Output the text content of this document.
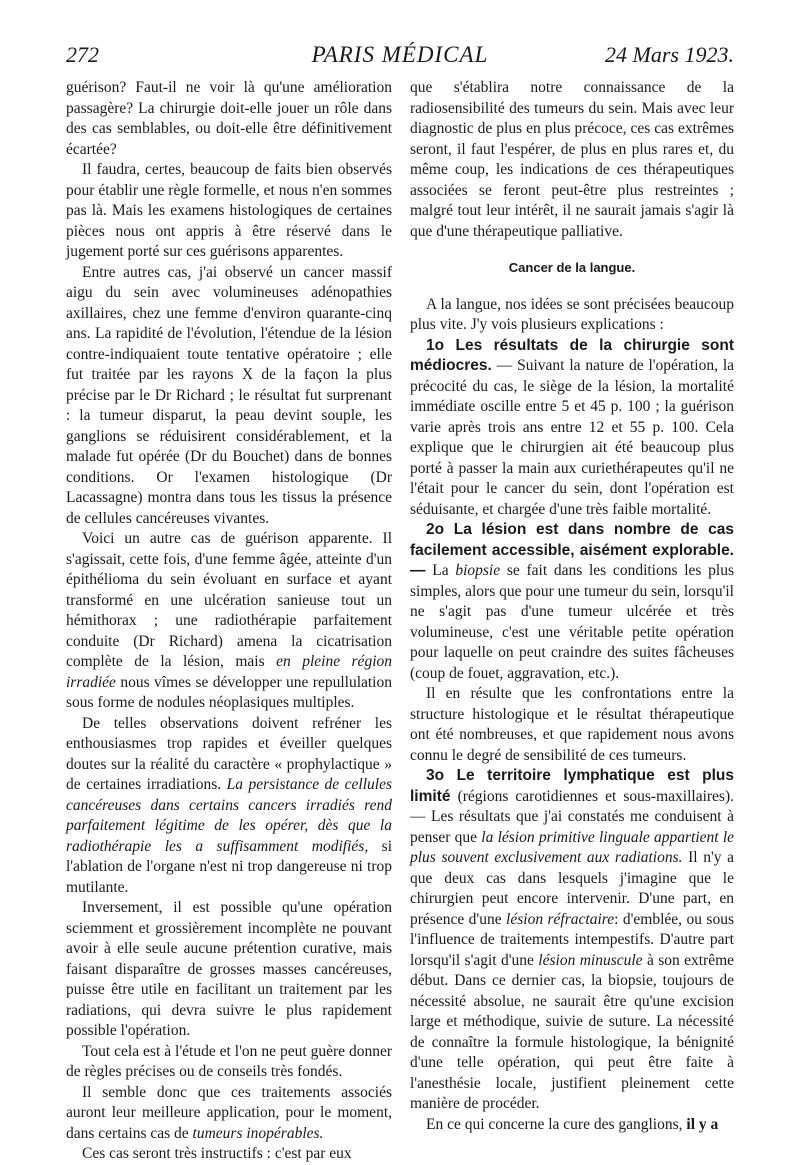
272	PARIS MÉDICAL	24 Mars 1923.

guérison? Faut-il ne voir là qu'une amélioration passagère? La chirurgie doit-elle jouer un rôle dans des cas semblables, ou doit-elle être définitivement écartée?

Il faudra, certes, beaucoup de faits bien observés pour établir une règle formelle, et nous n'en sommes pas là. Mais les examens histologiques de certaines pièces nous ont appris à être réservé dans le jugement porté sur ces guérisons apparentes.

Entre autres cas, j'ai observé un cancer massif aigu du sein avec volumineuses adénopathies axillaires, chez une femme d'environ quarante-cinq ans. La rapidité de l'évolution, l'étendue de la lésion contre-indiquaient toute tentative opératoire ; elle fut traitée par les rayons X de la façon la plus précise par le Dr Richard ; le résultat fut surprenant : la tumeur disparut, la peau devint souple, les ganglions se réduisirent considérablement, et la malade fut opérée (Dr du Bouchet) dans de bonnes conditions. Or l'examen histologique (Dr Lacassagne) montra dans tous les tissus la présence de cellules cancéreuses vivantes.

Voici un autre cas de guérison apparente. Il s'agissait, cette fois, d'une femme âgée, atteinte d'un épithélioma du sein évoluant en surface et ayant transformé en une ulcération sanieuse tout un hémithorax ; une radiothérapie parfaitement conduite (Dr Richard) amena la cicatrisation complète de la lésion, mais en pleine région irradiée nous vîmes se développer une repullulation sous forme de nodules néoplasiques multiples.

De telles observations doivent refréner les enthousiasmes trop rapides et éveiller quelques doutes sur la réalité du caractère « prophylactique » de certaines irradiations. La persistance de cellules cancéreuses dans certains cancers irradiés rend parfaitement légitime de les opérer, dès que la radiothérapie les a suffisamment modifiés, si l'ablation de l'organe n'est ni trop dangereuse ni trop mutilante.

Inversement, il est possible qu'une opération sciemment et grossièrement incomplète ne pouvant avoir à elle seule aucune prétention curative, mais faisant disparaître de grosses masses cancéreuses, puisse être utile en facilitant un traitement par les radiations, qui devra suivre le plus rapidement possible l'opération.

Tout cela est à l'étude et l'on ne peut guère donner de règles précises ou de conseils très fondés.

Il semble donc que ces traitements associés auront leur meilleure application, pour le moment, dans certains cas de tumeurs inopérables.

Ces cas seront très instructifs : c'est par eux

que s'établira notre connaissance de la radiosensibilité des tumeurs du sein. Mais avec leur diagnostic de plus en plus précoce, ces cas extrêmes seront, il faut l'espérer, de plus en plus rares et, du même coup, les indications de ces thérapeutiques associées se feront peut-être plus restreintes ; malgré tout leur intérêt, il ne saurait jamais s'agir là que d'une thérapeutique palliative.

Cancer de la langue.

A la langue, nos idées se sont précisées beaucoup plus vite. J'y vois plusieurs explications :

1o Les résultats de la chirurgie sont médiocres. — Suivant la nature de l'opération, la précocité du cas, le siège de la lésion, la mortalité immédiate oscille entre 5 et 45 p. 100 ; la guérison varie après trois ans entre 12 et 55 p. 100. Cela explique que le chirurgien ait été beaucoup plus porté à passer la main aux curiethérapeutes qu'il ne l'était pour le cancer du sein, dont l'opération est séduisante, et chargée d'une très faible mortalité.

2o La lésion est dans nombre de cas facilement accessible, aisément explorable. — La biopsie se fait dans les conditions les plus simples, alors que pour une tumeur du sein, lorsqu'il ne s'agit pas d'une tumeur ulcérée et très volumineuse, c'est une véritable petite opération pour laquelle on peut craindre des suites fâcheuses (coup de fouet, aggravation, etc.).

Il en résulte que les confrontations entre la structure histologique et le résultat thérapeutique ont été nombreuses, et que rapidement nous avons connu le degré de sensibilité de ces tumeurs.

3o Le territoire lymphatique est plus limité (régions carotidiennes et sous-maxillaires). — Les résultats que j'ai constatés me conduisent à penser que la lésion primitive linguale appartient le plus souvent exclusivement aux radiations. Il n'y a que deux cas dans lesquels j'imagine que le chirurgien peut encore intervenir. D'une part, en présence d'une lésion réfractaire: d'emblée, ou sous l'influence de traitements intempestifs. D'autre part lorsqu'il s'agit d'une lésion minuscule à son extrême début. Dans ce dernier cas, la biopsie, toujours de nécessité absolue, ne saurait être qu'une excision large et méthodique, suivie de suture. La nécessité de connaître la formule histologique, la bénignité d'une telle opération, qui peut être faite à l'anesthésie locale, justifient pleinement cette manière de procéder.

En ce qui concerne la cure des ganglions, il y a
